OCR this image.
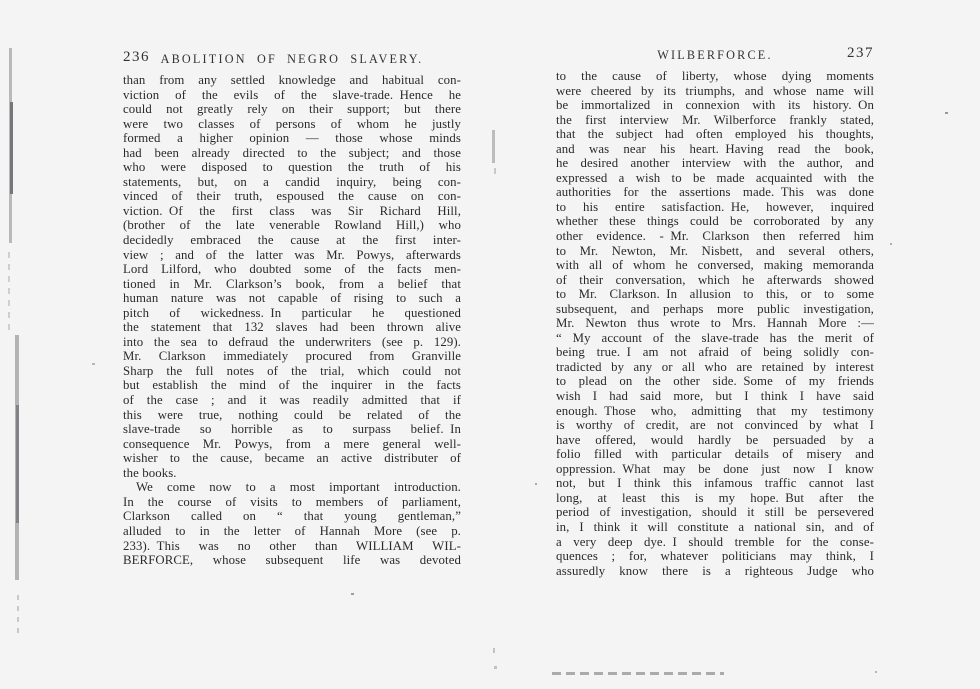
236 ABOLITION OF NEGRO SLAVERY.
than from any settled knowledge and habitual con-
viction of the evils of the slave-trade. Hence he
could not greatly rely on their support; but there
were two classes of persons of whom he justly
formed a higher opinion — those whose minds
had been already directed to the subject; and those
who were disposed to question the truth of his
statements, but, on a candid inquiry, being con-
vinced of their truth, espoused the cause on con-
viction. Of the first class was Sir Richard Hill,
(brother of the late venerable Rowland Hill,) who
decidedly embraced the cause at the first inter-
view ; and of the latter was Mr. Powys, afterwards
Lord Lilford, who doubted some of the facts men-
tioned in Mr. Clarkson’s book, from a belief that
human nature was not capable of rising to such a
pitch of wickedness. In particular he questioned
the statement that 132 slaves had been thrown alive
into the sea to defraud the underwriters (see p. 129).
Mr. Clarkson immediately procured from Granville
Sharp the full notes of the trial, which could not
but establish the mind of the inquirer in the facts
of the case ; and it was readily admitted that if
this were true, nothing could be related of the
slave-trade so horrible as to surpass belief. In
consequence Mr. Powys, from a mere general well-
wisher to the cause, became an active distributer of
the books.
We come now to a most important introduction.
In the course of visits to members of parliament,
Clarkson called on “ that young gentleman,”
alluded to in the letter of Hannah More (see p.
233). This was no other than WILLIAM WIL-
BERFORCE, whose subsequent life was devoted
WILBERFORCE.	237
to the cause of liberty, whose dying moments
were cheered by its triumphs, and whose name will
be immortalized in connexion with its history. On
the first interview Mr. Wilberforce frankly stated,
that the subject had often employed his thoughts,
and was near his heart. Having read the book,
he desired another interview with the author, and
expressed a wish to be made acquainted with the
authorities for the assertions made. This was done
to his entire satisfaction. He, however, inquired
whether these things could be corroborated by any
other evidence. - Mr. Clarkson then referred him
to Mr. Newton, Mr. Nisbett, and several others,
with all of whom he conversed, making memoranda
of their conversation, which he afterwards showed
to Mr. Clarkson. In allusion to this, or to some
subsequent, and perhaps more public investigation,
Mr. Newton thus wrote to Mrs. Hannah More :—
“ My account of the slave-trade has the merit of
being true. I am not afraid of being solidly con-
tradicted by any or all who are retained by interest
to plead on the other side. Some of my friends
wish I had said more, but I think I have said
enough. Those who, admitting that my testimony
is worthy of credit, are not convinced by what I
have offered, would hardly be persuaded by a
folio filled with particular details of misery and
oppression. What may be done just now I know
not, but I think this infamous traffic cannot last
long, at least this is my hope. But after the
period of investigation, should it still be persevered
in, I think it will constitute a national sin, and of
a very deep dye. I should tremble for the conse-
quences ; for, whatever politicians may think, I
assuredly know there is a righteous Judge who
